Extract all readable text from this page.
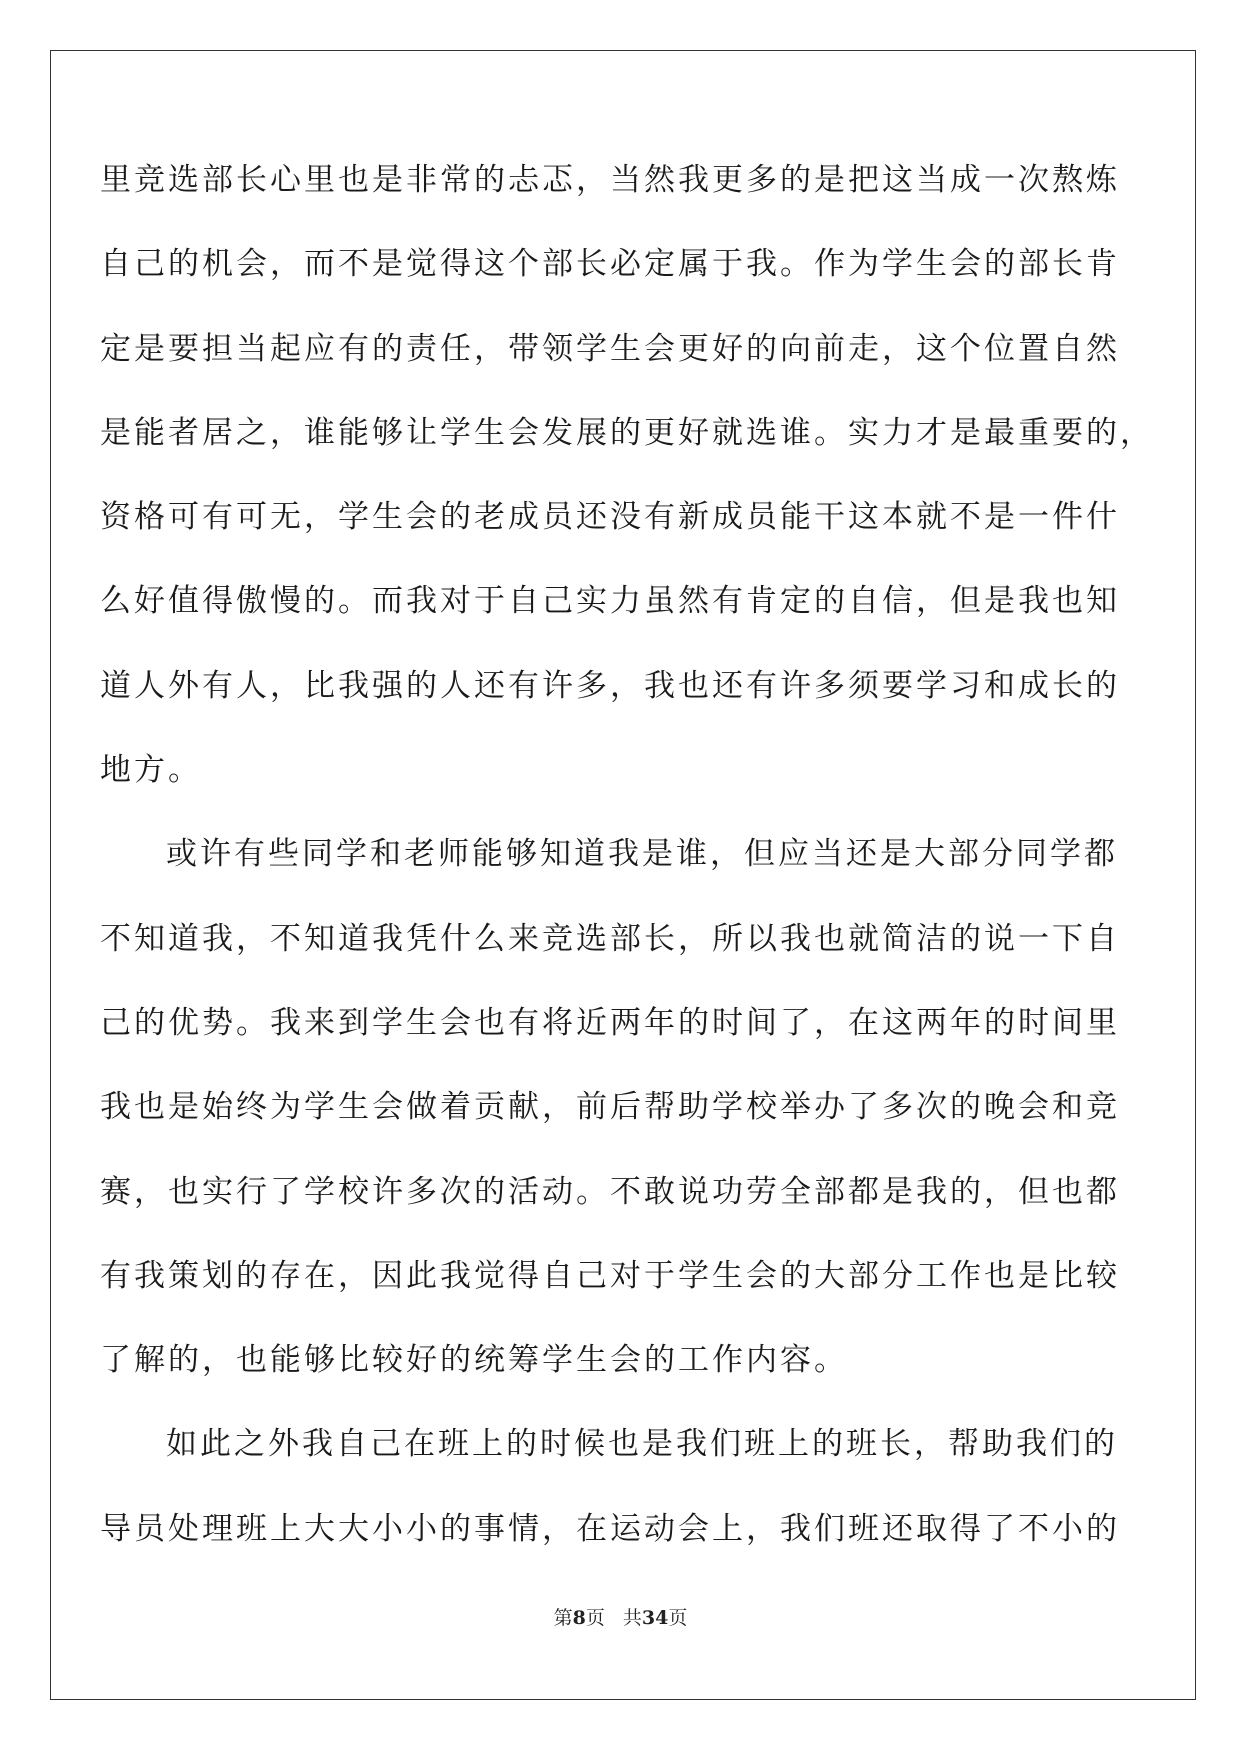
里竞选部长心里也是非常的忐忑，当然我更多的是把这当成一次熬炼
自己的机会，而不是觉得这个部长必定属于我。作为学生会的部长肯
定是要担当起应有的责任，带领学生会更好的向前走，这个位置自然
是能者居之，谁能够让学生会发展的更好就选谁。实力才是最重要的，
资格可有可无，学生会的老成员还没有新成员能干这本就不是一件什
么好值得傲慢的。而我对于自己实力虽然有肯定的自信，但是我也知
道人外有人，比我强的人还有许多，我也还有许多须要学习和成长的
地方。
或许有些同学和老师能够知道我是谁，但应当还是大部分同学都
不知道我，不知道我凭什么来竞选部长，所以我也就简洁的说一下自
己的优势。我来到学生会也有将近两年的时间了，在这两年的时间里
我也是始终为学生会做着贡献，前后帮助学校举办了多次的晚会和竞
赛，也实行了学校许多次的活动。不敢说功劳全部都是我的，但也都
有我策划的存在，因此我觉得自己对于学生会的大部分工作也是比较
了解的，也能够比较好的统筹学生会的工作内容。
如此之外我自己在班上的时候也是我们班上的班长，帮助我们的
导员处理班上大大小小的事情，在运动会上，我们班还取得了不小的
第8页 共34页
